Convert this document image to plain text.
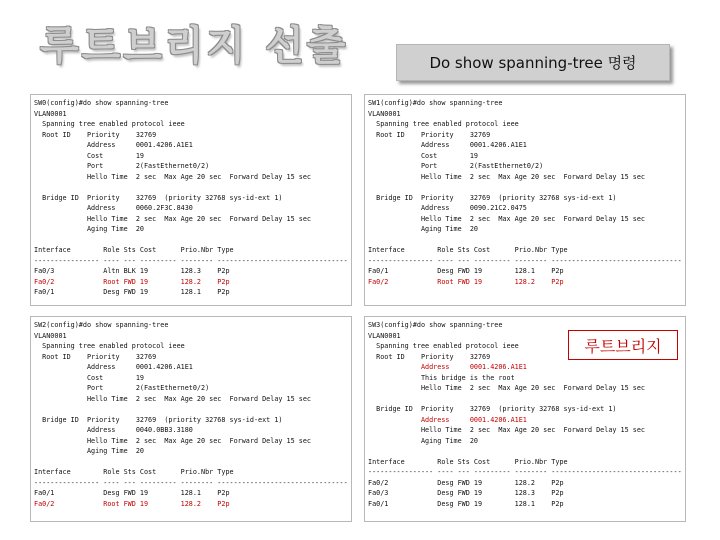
루트브리지 선출	Do show spanning-tree 명령
SW0(config)#do show spanning-tree
VLAN0001
Spanning tree enabled protocol ieee
Root ID    Priority    32769
Address     0001.4206.A1E1
Cost        19
Port        2(FastEthernet0/2)
Hello Time  2 sec  Max Age 20 sec  Forward Delay 15 sec
Bridge ID  Priority    32769  (priority 32768 sys-id-ext 1)
Address     0060.2F3C.8430
Hello Time  2 sec  Max Age 20 sec  Forward Delay 15 sec
Aging Time  20
Interface        Role Sts Cost      Prio.Nbr Type
---------------- ---- --- --------- -------- --------------------------------
Fa0/3            Altn BLK 19        128.3    P2p
Fa0/2            Root FWD 19        128.2    P2p
Fa0/1            Desg FWD 19        128.1    P2p
SW1(config)#do show spanning-tree
VLAN0001
Spanning tree enabled protocol ieee
Root ID    Priority    32769
Address     0001.4206.A1E1
Cost        19
Port        2(FastEthernet0/2)
Hello Time  2 sec  Max Age 20 sec  Forward Delay 15 sec
Bridge ID  Priority    32769  (priority 32768 sys-id-ext 1)
Address     0090.21C2.0475
Hello Time  2 sec  Max Age 20 sec  Forward Delay 15 sec
Aging Time  20
Interface        Role Sts Cost      Prio.Nbr Type
---------------- ---- --- --------- -------- --------------------------------
Fa0/1            Desg FWD 19        128.1    P2p
Fa0/2            Root FWD 19        128.2    P2p
SW2(config)#do show spanning-tree
VLAN0001
Spanning tree enabled protocol ieee
Root ID    Priority    32769
Address     0001.4206.A1E1
Cost        19
Port        2(FastEthernet0/2)
Hello Time  2 sec  Max Age 20 sec  Forward Delay 15 sec
Bridge ID  Priority    32769  (priority 32768 sys-id-ext 1)
Address     0040.0BB3.3180
Hello Time  2 sec  Max Age 20 sec  Forward Delay 15 sec
Aging Time  20
Interface        Role Sts Cost      Prio.Nbr Type
---------------- ---- --- --------- -------- --------------------------------
Fa0/1            Desg FWD 19        128.1    P2p
Fa0/2            Root FWD 19        128.2    P2p
SW3(config)#do show spanning-tree
VLAN0001
Spanning tree enabled protocol ieee
Root ID    Priority    32769
Address     0001.4206.A1E1
This bridge is the root
Hello Time  2 sec  Max Age 20 sec  Forward Delay 15 sec
Bridge ID  Priority    32769  (priority 32768 sys-id-ext 1)
Address     0001.4206.A1E1
Hello Time  2 sec  Max Age 20 sec  Forward Delay 15 sec
Aging Time  20
Interface        Role Sts Cost      Prio.Nbr Type
---------------- ---- --- --------- -------- --------------------------------
Fa0/2            Desg FWD 19        128.2    P2p
Fa0/3            Desg FWD 19        128.3    P2p
Fa0/1            Desg FWD 19        128.1    P2p
루트브리지
